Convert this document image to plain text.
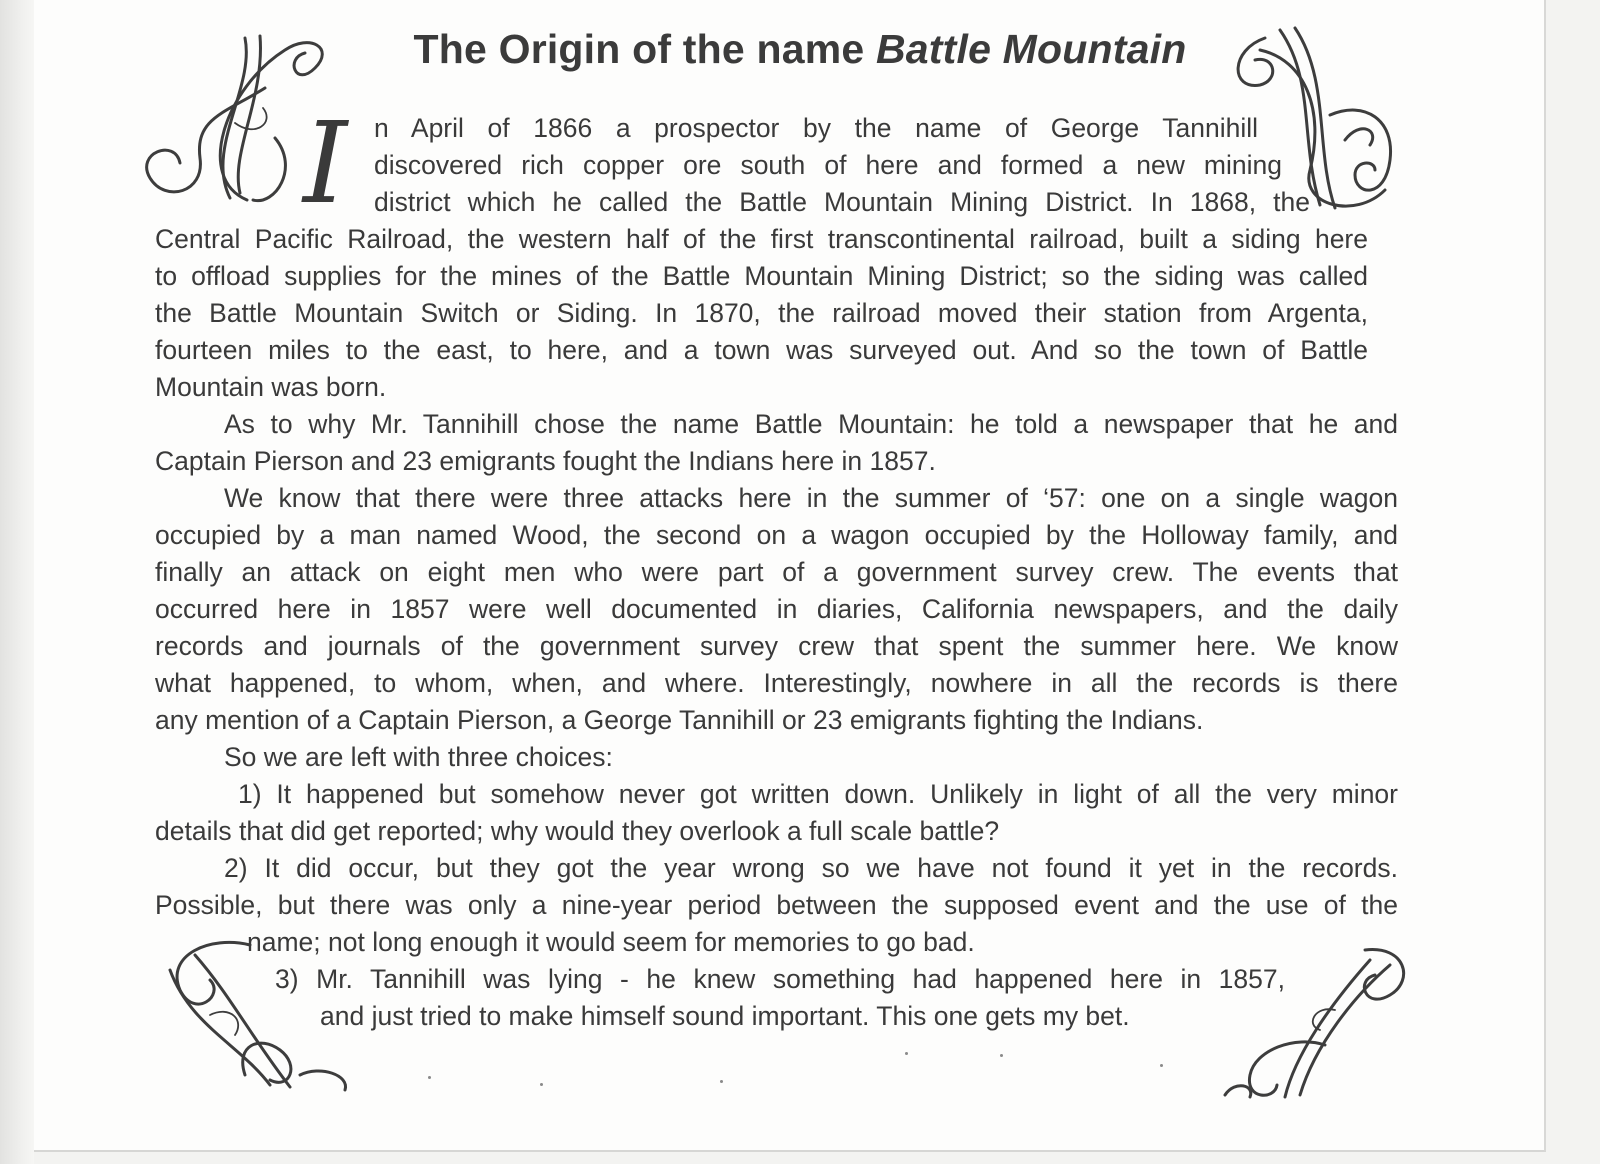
The Origin of the name Battle Mountain
I n April of 1866 a prospector by the name of George Tannihill

discovered rich copper ore south of here and formed a new mining

district which he called the Battle Mountain Mining District. In 1868, the

Central Pacific Railroad, the western half of the first transcontinental railroad, built a siding here

to offload supplies for the mines of the Battle Mountain Mining District; so the siding was called

the Battle Mountain Switch or Siding. In 1870, the railroad moved their station from Argenta,

fourteen miles to the east, to here, and a town was surveyed out. And so the town of Battle

Mountain was born.

As to why Mr. Tannihill chose the name Battle Mountain: he told a newspaper that he and

Captain Pierson and 23 emigrants fought the Indians here in 1857.

We know that there were three attacks here in the summer of ‘57: one on a single wagon

occupied by a man named Wood, the second on a wagon occupied by the Holloway family, and

finally an attack on eight men who were part of a government survey crew. The events that

occurred here in 1857 were well documented in diaries, California newspapers, and the daily

records and journals of the government survey crew that spent the summer here. We know

what happened, to whom, when, and where. Interestingly, nowhere in all the records is there

any mention of a Captain Pierson, a George Tannihill or 23 emigrants fighting the Indians.

So we are left with three choices:

1) It happened but somehow never got written down. Unlikely in light of all the very minor

details that did get reported; why would they overlook a full scale battle?

2) It did occur, but they got the year wrong so we have not found it yet in the records.

Possible, but there was only a nine-year period between the supposed event and the use of the

name; not long enough it would seem for memories to go bad.

3) Mr. Tannihill was lying - he knew something had happened here in 1857,

and just tried to make himself sound important. This one gets my bet.
